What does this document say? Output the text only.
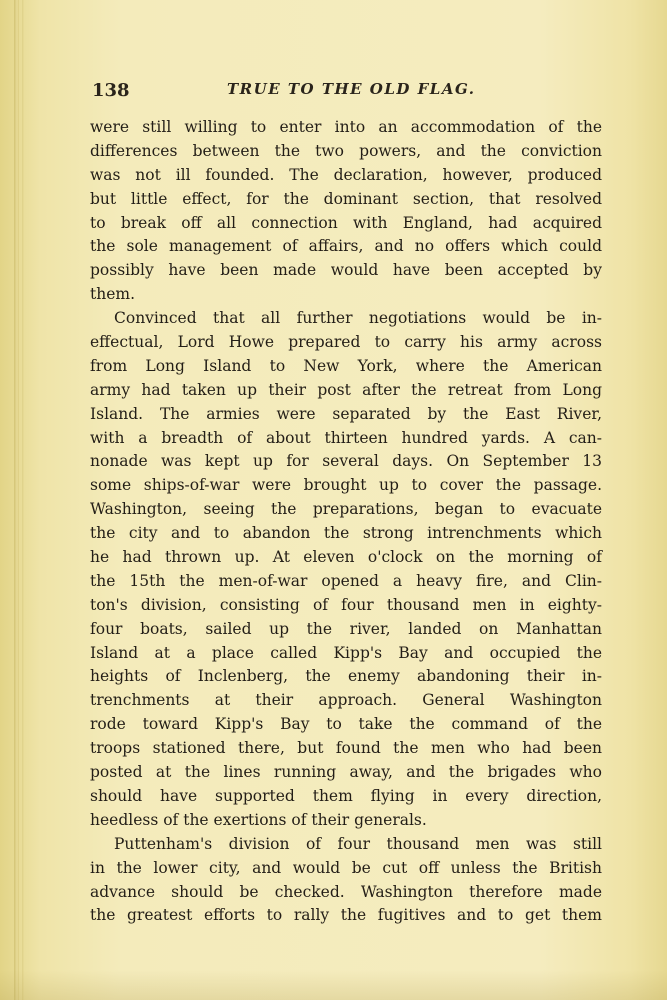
138	TRUE TO THE OLD FLAG.
were still willing to enter into an accommodation of the
differences between the two powers, and the conviction
was not ill founded. The declaration, however, produced
but little effect, for the dominant section, that resolved
to break off all connection with England, had acquired
the sole management of affairs, and no offers which could
possibly have been made would have been accepted by
them.
Convinced that all further negotiations would be in-
effectual, Lord Howe prepared to carry his army across
from Long Island to New York, where the American
army had taken up their post after the retreat from Long
Island. The armies were separated by the East River,
with a breadth of about thirteen hundred yards. A can-
nonade was kept up for several days. On September 13
some ships-of-war were brought up to cover the passage.
Washington, seeing the preparations, began to evacuate
the city and to abandon the strong intrenchments which
he had thrown up. At eleven o'clock on the morning of
the 15th the men-of-war opened a heavy fire, and Clin-
ton's division, consisting of four thousand men in eighty-
four boats, sailed up the river, landed on Manhattan
Island at a place called Kipp's Bay and occupied the
heights of Inclenberg, the enemy abandoning their in-
trenchments at their approach. General Washington
rode toward Kipp's Bay to take the command of the
troops stationed there, but found the men who had been
posted at the lines running away, and the brigades who
should have supported them flying in every direction,
heedless of the exertions of their generals.
Puttenham's division of four thousand men was still
in the lower city, and would be cut off unless the British
advance should be checked. Washington therefore made
the greatest efforts to rally the fugitives and to get them
